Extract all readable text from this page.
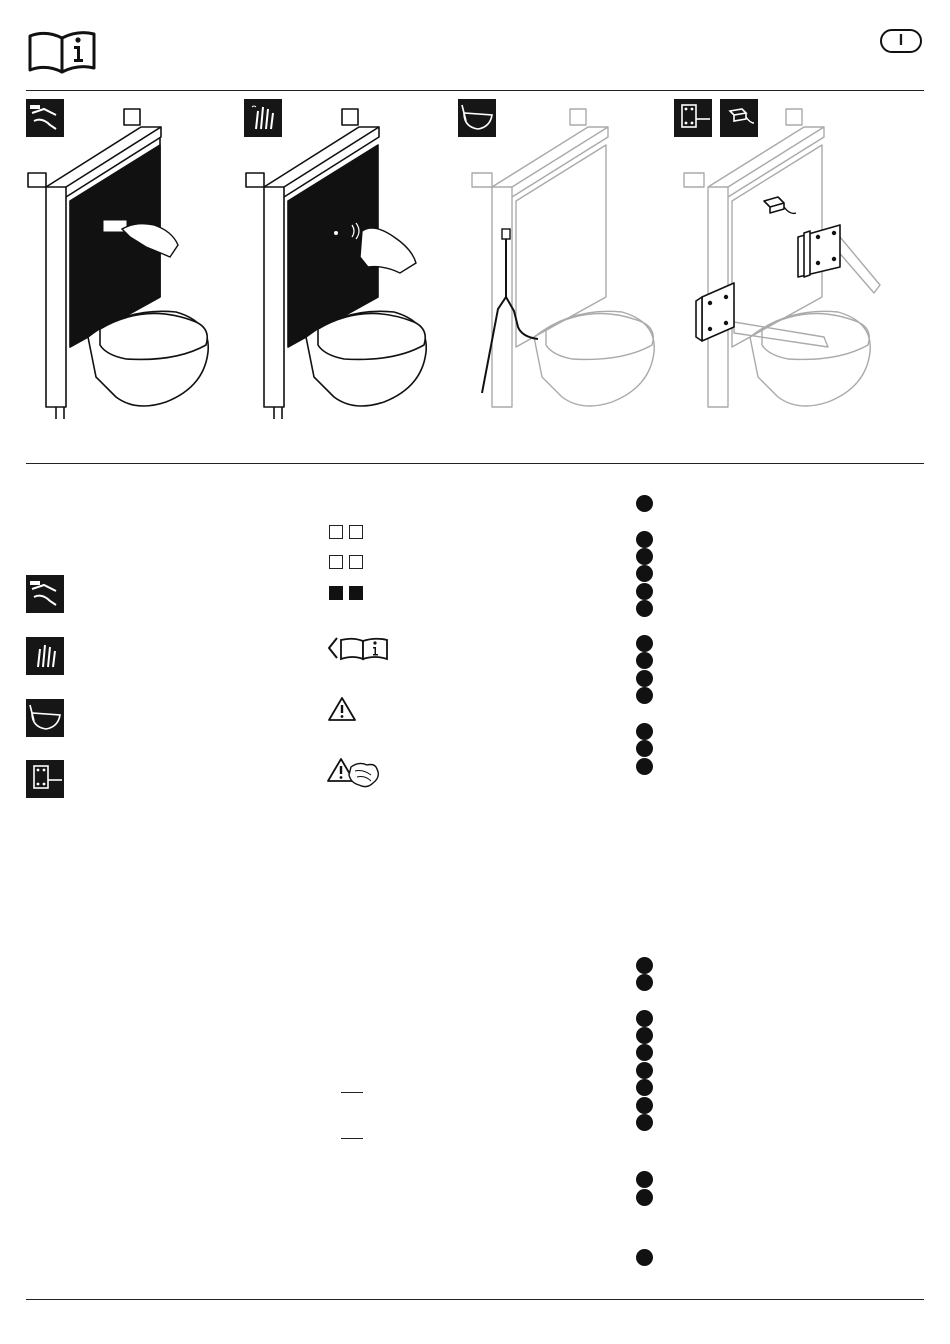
I
